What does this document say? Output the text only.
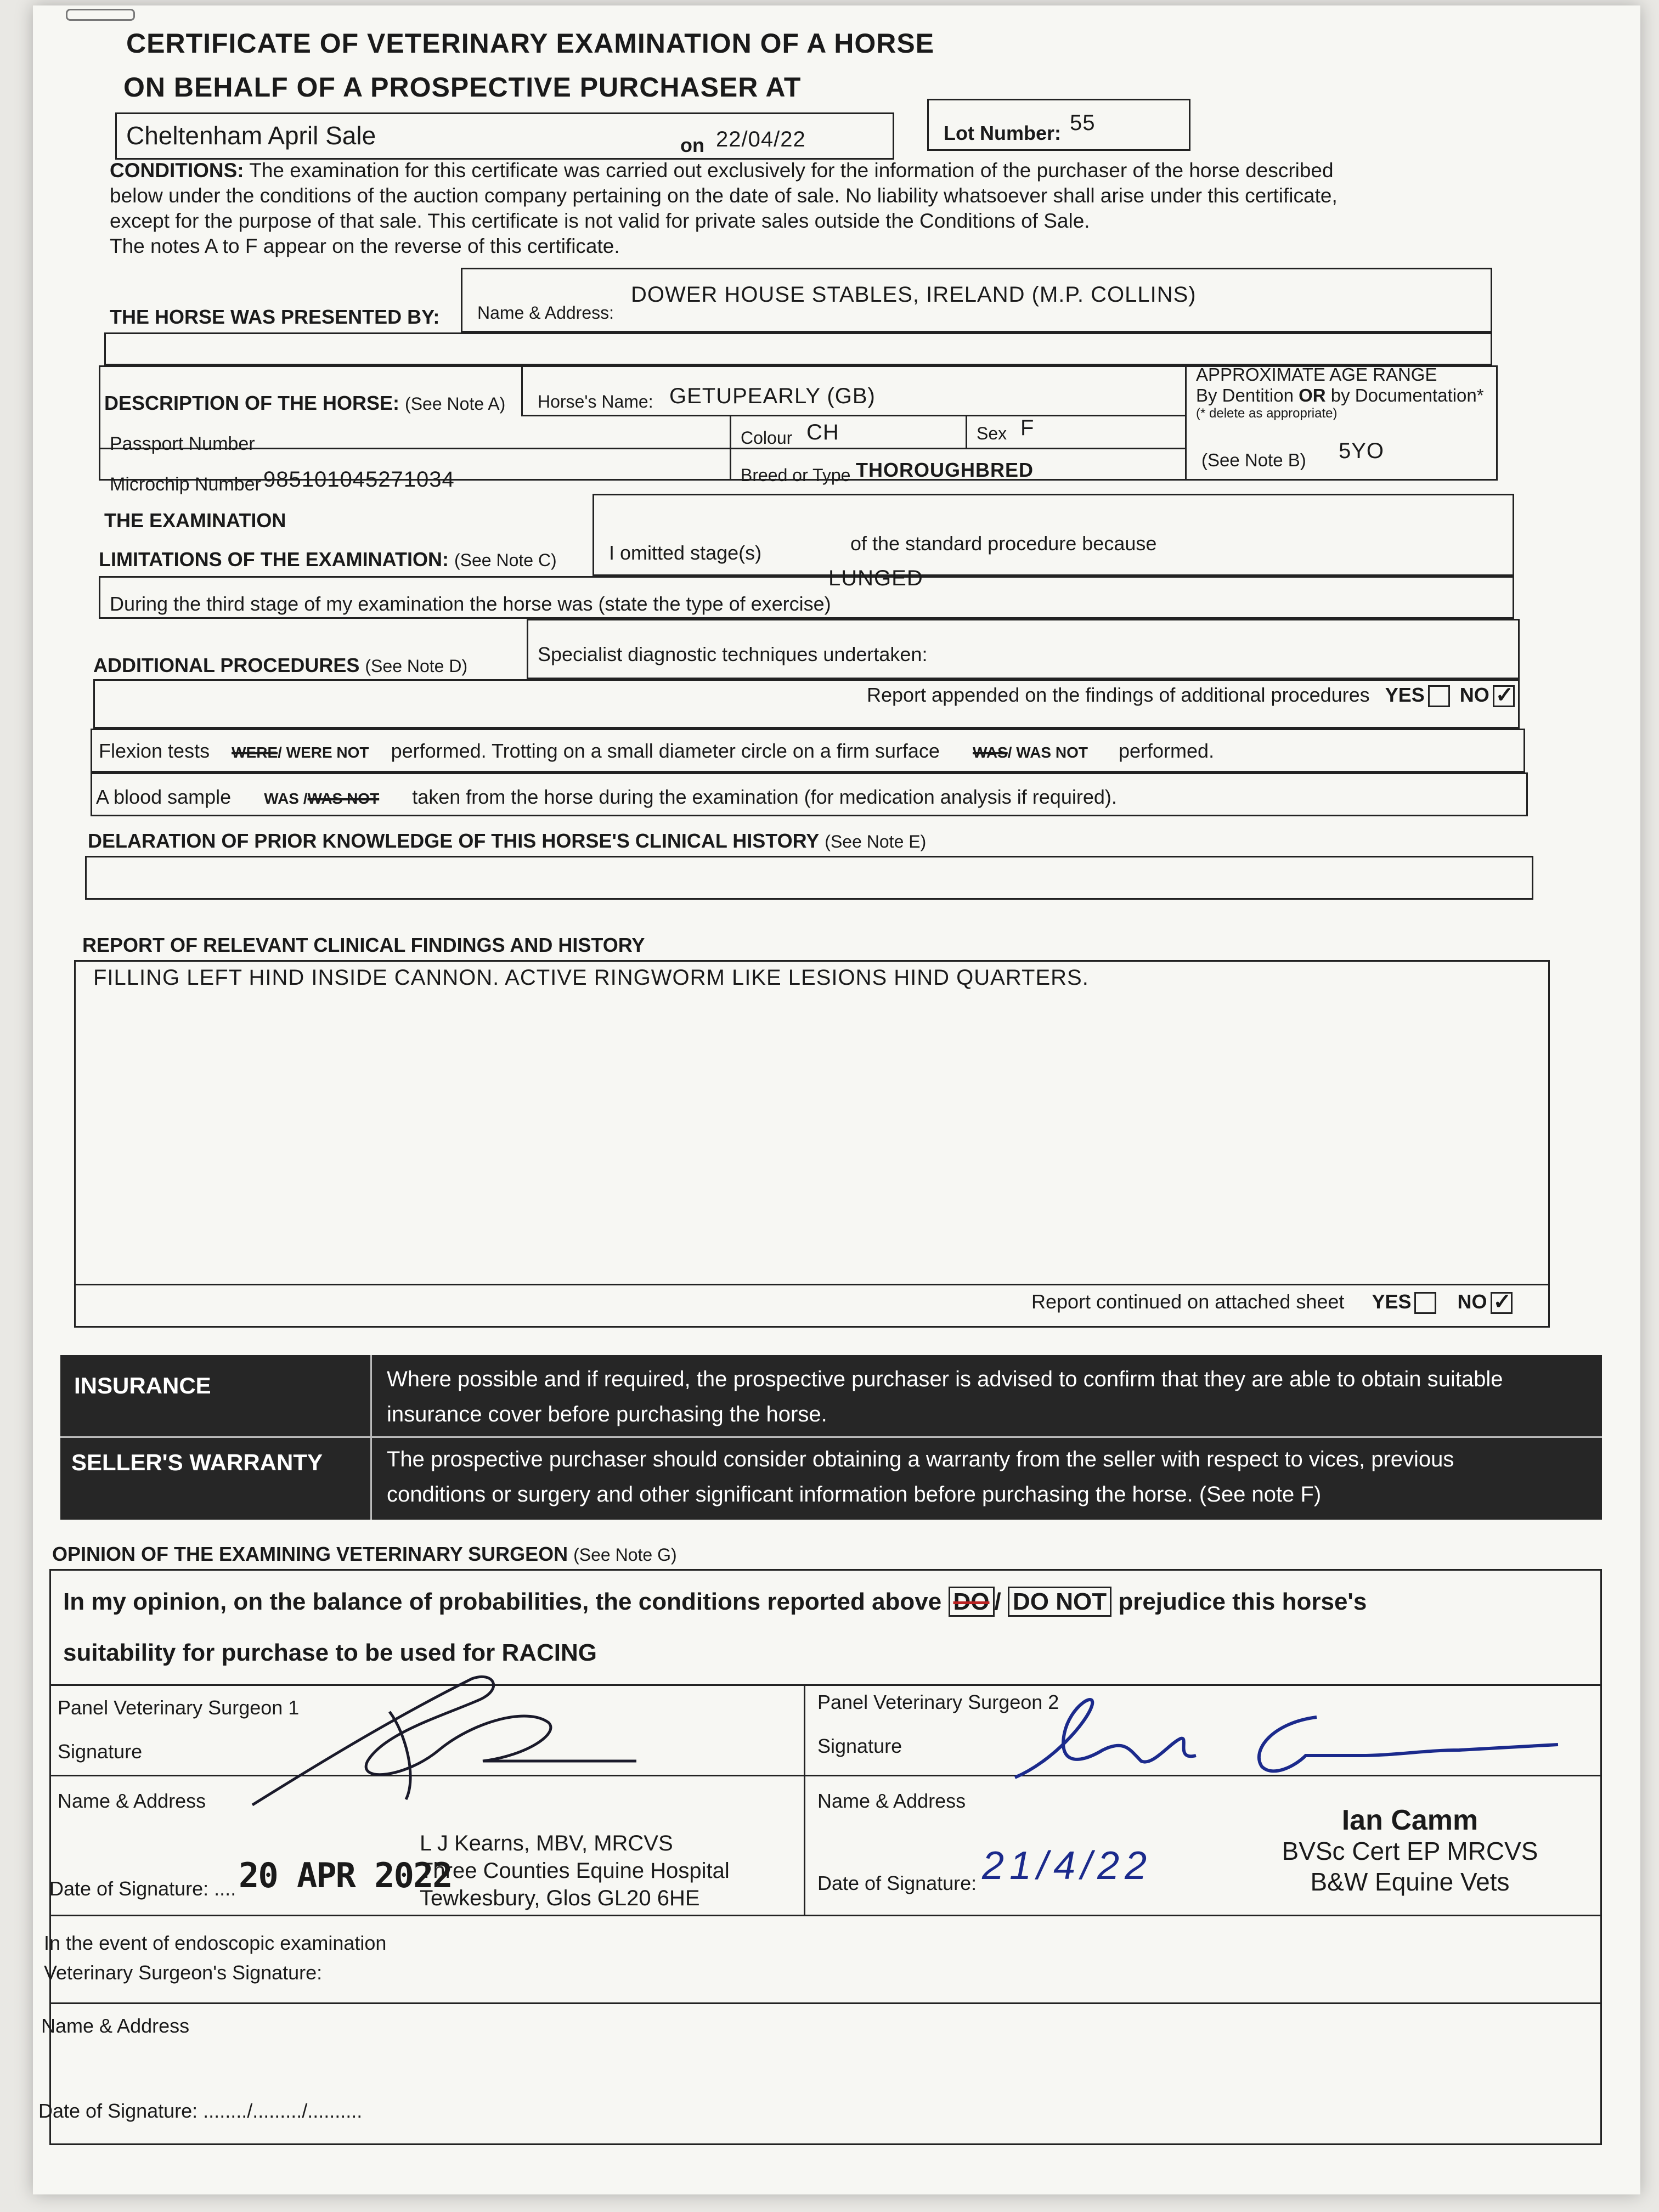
CERTIFICATE OF VETERINARY EXAMINATION OF A HORSE
ON BEHALF OF A PROSPECTIVE PURCHASER AT
Cheltenham April Sale	on 22/04/22	Lot Number: 55
CONDITIONS: The examination for this certificate was carried out exclusively for the information of the purchaser of the horse described
below under the conditions of the auction company pertaining on the date of sale. No liability whatsoever shall arise under this certificate,
except for the purpose of that sale. This certificate is not valid for private sales outside the Conditions of Sale.
The notes A to F appear on the reverse of this certificate.
THE HORSE WAS PRESENTED BY: Name & Address:
DOWER HOUSE STABLES, IRELAND (M.P. COLLINS)
DESCRIPTION OF THE HORSE: (See Note A) Horse's Name: GETUPEARLY (GB)
Colour CH	Sex F
Passport Number
Microchip Number 985101045271034	Breed or Type THOROUGHBRED
APPROXIMATE AGE RANGE
By Dentition OR by Documentation*
(* delete as appropriate)
(See Note B) 5YO
THE EXAMINATION
LIMITATIONS OF THE EXAMINATION: (See Note C)	I omitted stage(s)	of the standard procedure because
During the third stage of my examination the horse was (state the type of exercise)
LUNGED
ADDITIONAL PROCEDURES (See Note D)
Specialist diagnostic techniques undertaken:
Report appended on the findings of additional procedures YES NO✓
Flexion tests WERE/ WERE NOT performed. Trotting on a small diameter circle on a firm surface WAS/ WAS NOT performed.
A blood sample WAS /WAS NOT taken from the horse during the examination (for medication analysis if required).
DELARATION OF PRIOR KNOWLEDGE OF THIS HORSE'S CLINICAL HISTORY (See Note E)
REPORT OF RELEVANT CLINICAL FINDINGS AND HISTORY
FILLING LEFT HIND INSIDE CANNON. ACTIVE RINGWORM LIKE LESIONS HIND QUARTERS.
Report continued on attached sheet YES NO✓
INSURANCE	Where possible and if required, the prospective purchaser is advised to confirm that they are able to obtain suitable
insurance cover before purchasing the horse.
SELLER'S WARRANTY	The prospective purchaser should consider obtaining a warranty from the seller with respect to vices, previous
conditions or surgery and other significant information before purchasing the horse. (See note F)
OPINION OF THE EXAMINING VETERINARY SURGEON (See Note G)
In my opinion, on the balance of probabilities, the conditions reported above DO / DO NOT prejudice this horse's
suitability for purchase to be used for RACING
Panel Veterinary Surgeon 1
Signature
Name & Address
Date of Signature: .... 20 APR 2022
L J Kearns, MBV, MRCVS
Three Counties Equine Hospital
Tewkesbury, Glos GL20 6HE
Panel Veterinary Surgeon 2
Signature
Name & Address
Date of Signature: 21/4/22
Ian Camm
BVSc Cert EP MRCVS
B&W Equine Vets
In the event of endoscopic examination
Veterinary Surgeon's Signature:
Name & Address
Date of Signature: ......../........./..........
